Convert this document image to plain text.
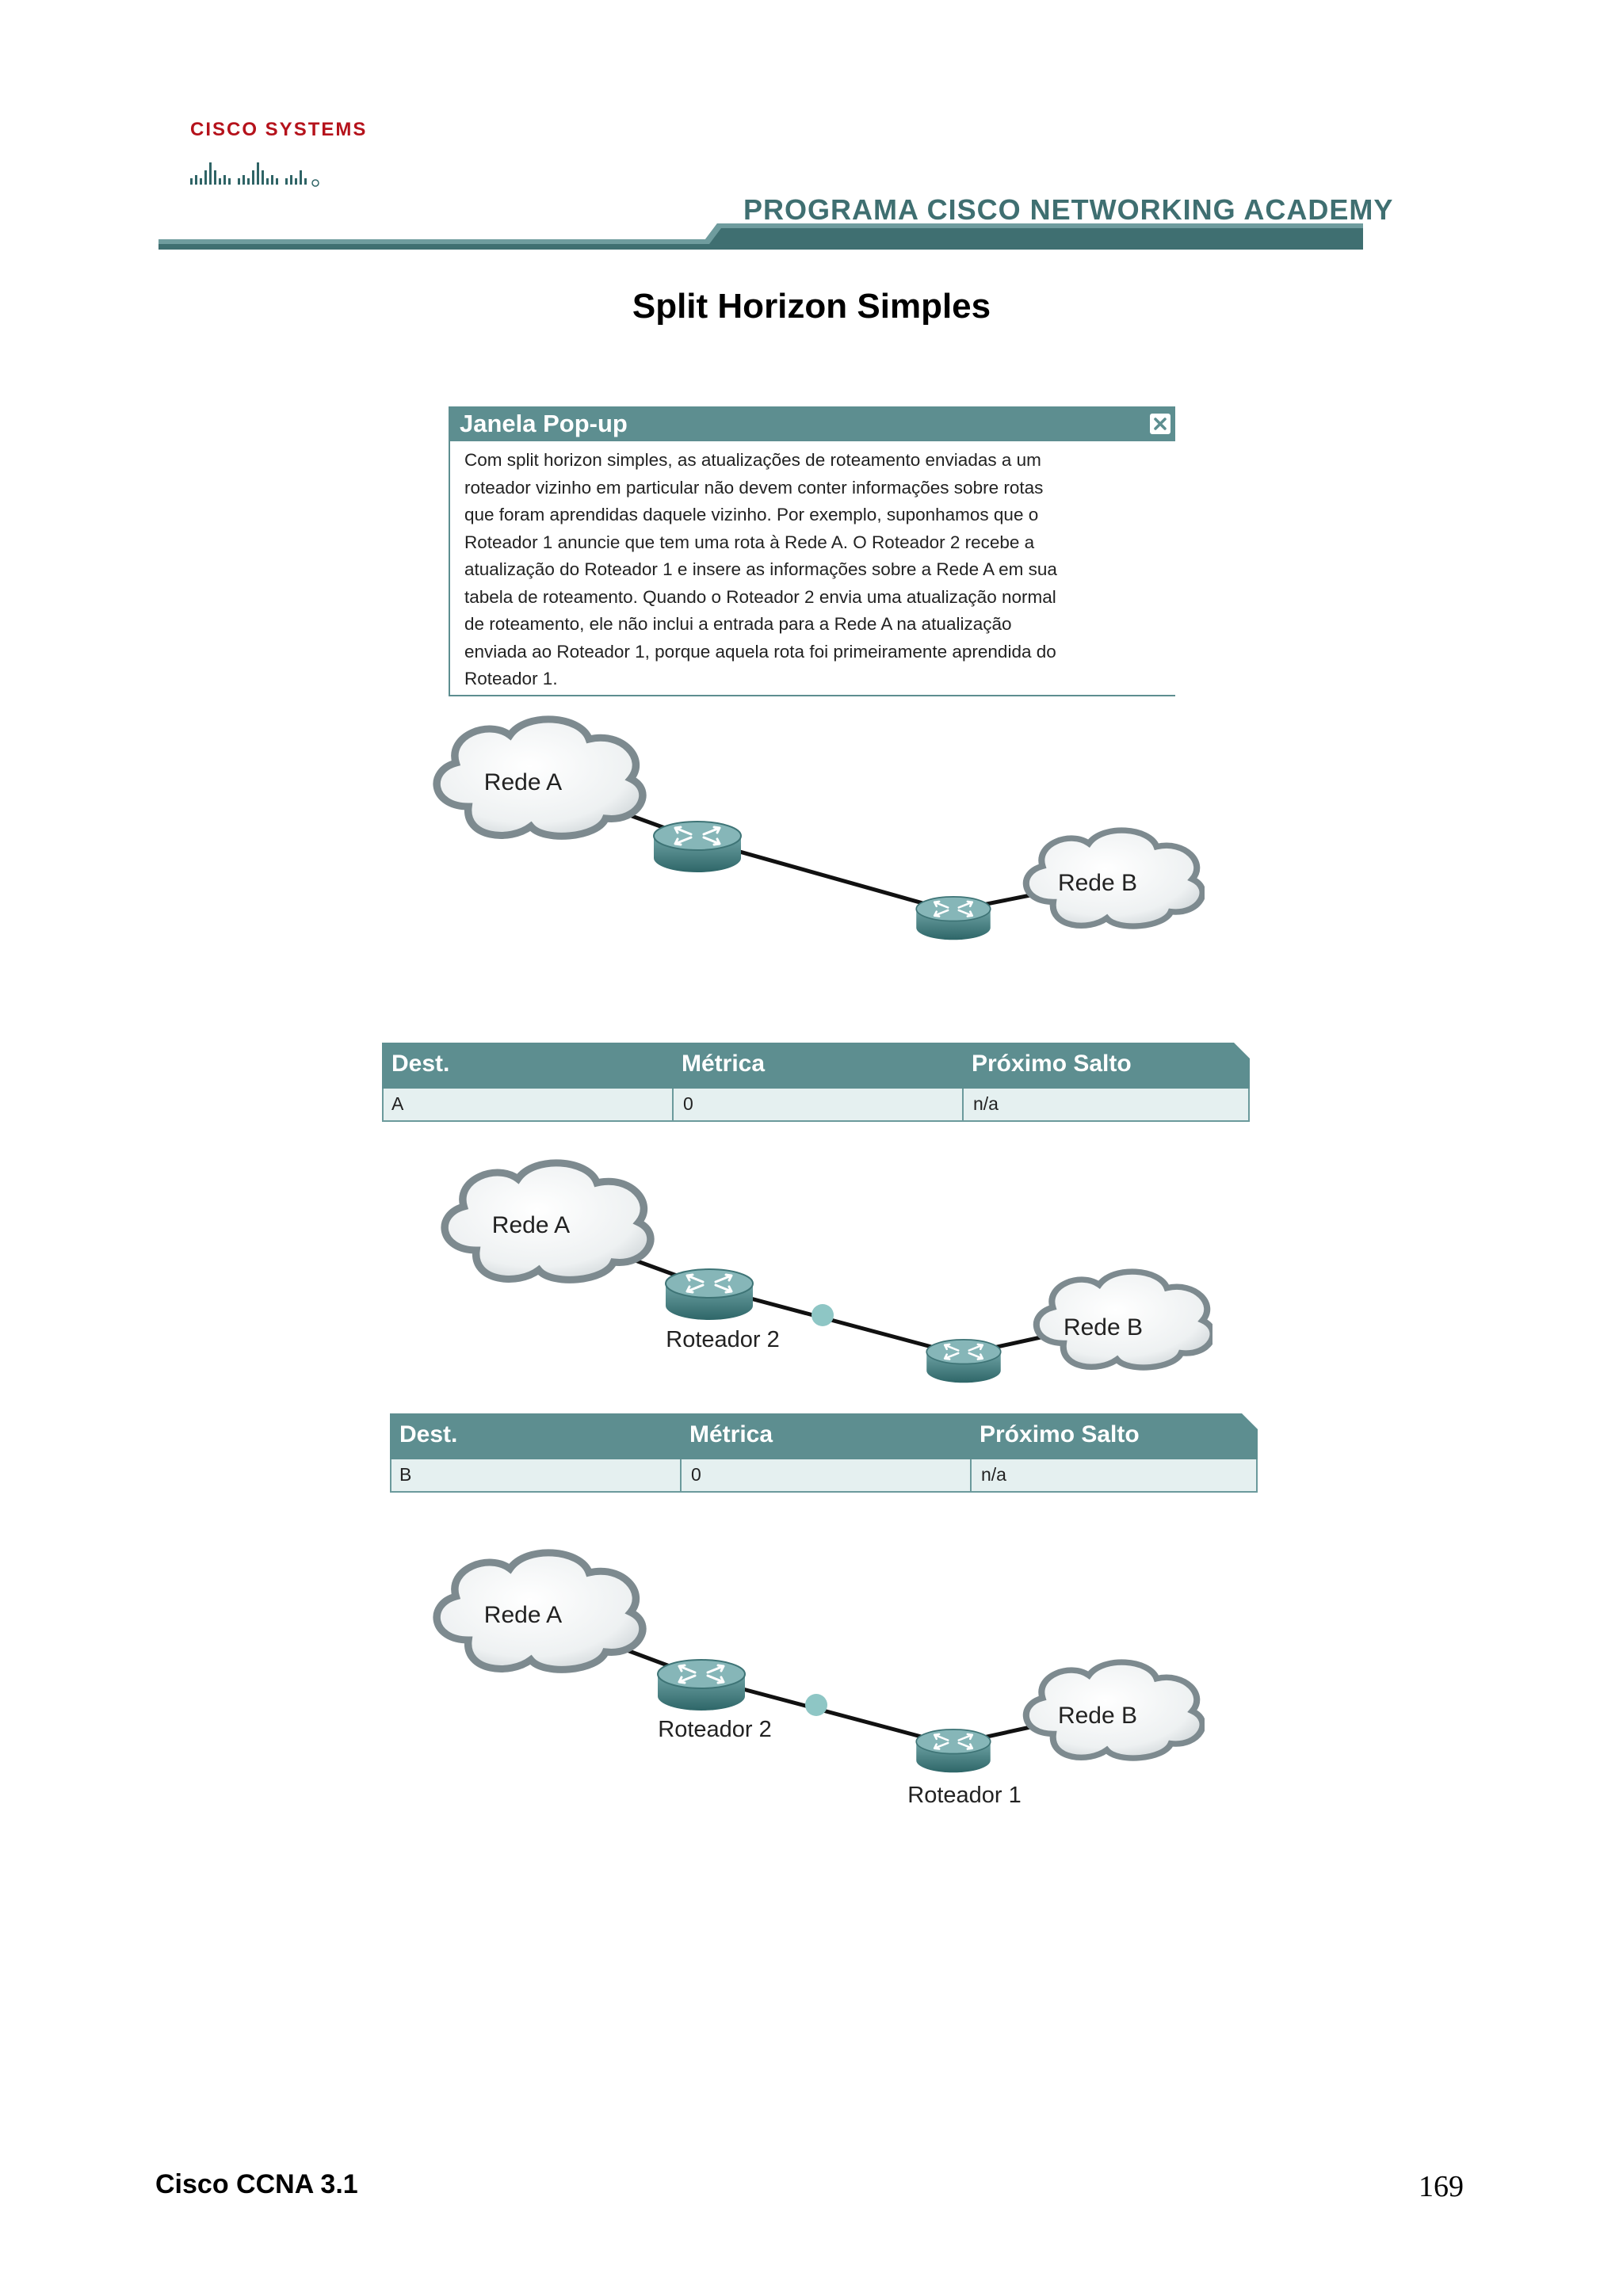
CISCO SYSTEMS
PROGRAMA CISCO NETWORKING ACADEMY
Split Horizon Simples
Janela Pop-up
Com split horizon simples, as atualizações de roteamento enviadas a um
roteador vizinho em particular não devem conter informações sobre rotas
que foram aprendidas daquele vizinho. Por exemplo, suponhamos que o
Roteador 1 anuncie que tem uma rota à Rede A. O Roteador 2 recebe a
atualização do Roteador 1 e insere as informações sobre a Rede A em sua
tabela de roteamento. Quando o Roteador 2 envia uma atualização normal
de roteamento, ele não inclui a entrada para a Rede A na atualização
enviada ao Roteador 1, porque aquela rota foi primeiramente aprendida do
Roteador 1.
Rede A
Rede B
Dest.	Métrica	Próximo Salto
A	0	n/a
Rede A
Roteador 2	Rede B
Dest.	Métrica	Próximo Salto
B	0	n/a
Rede A
Roteador 2
Roteador 1
Rede B
Cisco CCNA 3.1	169
